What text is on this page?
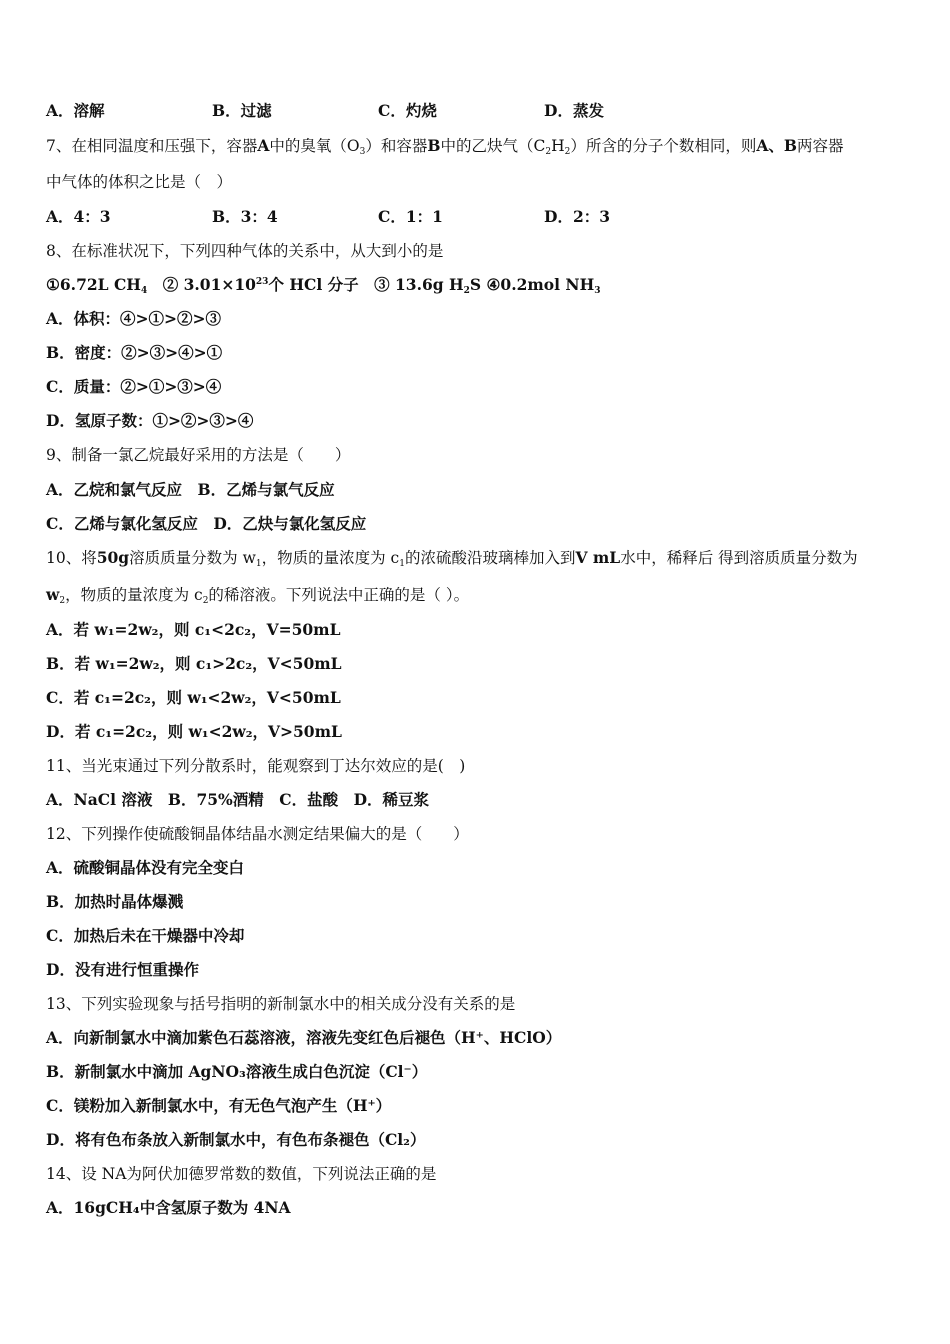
A．溶解	B．过滤	C．灼烧	D．蒸发
7、在相同温度和压强下，容器A中的臭氧$(O_3)$和容器B中的乙炔气$(C_2H_2)$所含的分子个数相同，则A、B两容器
中气体的体积之比是（　）
A．4：3	B．3：4	C．1：1	D．2：3
8、在标准状况下，下列四种气体的关系中，从大到小的是
①6.72L $CH_4$　② $3.01\times 10^{23}$个 HCl 分子　③ 13.6g $H_2S$ ④0.2mol $NH_3$
A．体积：④>①>②>③
B．密度：②>③>④>①
C．质量：②>①>③>④
D．氢原子数：①>②>③>④
9、制备一氯乙烷最好采用的方法是（　　）
A．乙烷和氯气反应　B．乙烯与氯气反应
C．乙烯与氯化氢反应　D．乙炔与氯化氢反应
10、将50g溶质质量分数为 $w_1$，物质的量浓度为 $c_1$的浓硫酸沿玻璃棒加入到V mL水中，稀释后 得到溶质质量分数为
$w_2$，物质的量浓度为 $c_2$的稀溶液。下列说法中正确的是（ ）。
A．若 w₁=2w₂，则 c₁<2c₂，V=50mL
B．若 w₁=2w₂，则 c₁>2c₂，V<50mL
C．若 c₁=2c₂，则 w₁<2w₂，V<50mL
D．若 c₁=2c₂，则 w₁<2w₂，V>50mL
11、当光束通过下列分散系时，能观察到丁达尔效应的是(　)
A．NaCl 溶液　B．75%酒精　C．盐酸　D．稀豆浆
12、下列操作使硫酸铜晶体结晶水测定结果偏大的是（　　）
A．硫酸铜晶体没有完全变白
B．加热时晶体爆溅
C．加热后未在干燥器中冷却
D．没有进行恒重操作
13、下列实验现象与括号指明的新制氯水中的相关成分没有关系的是
A．向新制氯水中滴加紫色石蕊溶液，溶液先变红色后褪色（H⁺、HClO）
B．新制氯水中滴加 AgNO₃溶液生成白色沉淀（Cl⁻）
C．镁粉加入新制氯水中，有无色气泡产生（H⁺）
D．将有色布条放入新制氯水中，有色布条褪色（Cl₂）
14、设 NA为阿伏加德罗常数的数值，下列说法正确的是
A．16gCH₄中含氢原子数为 4NA
